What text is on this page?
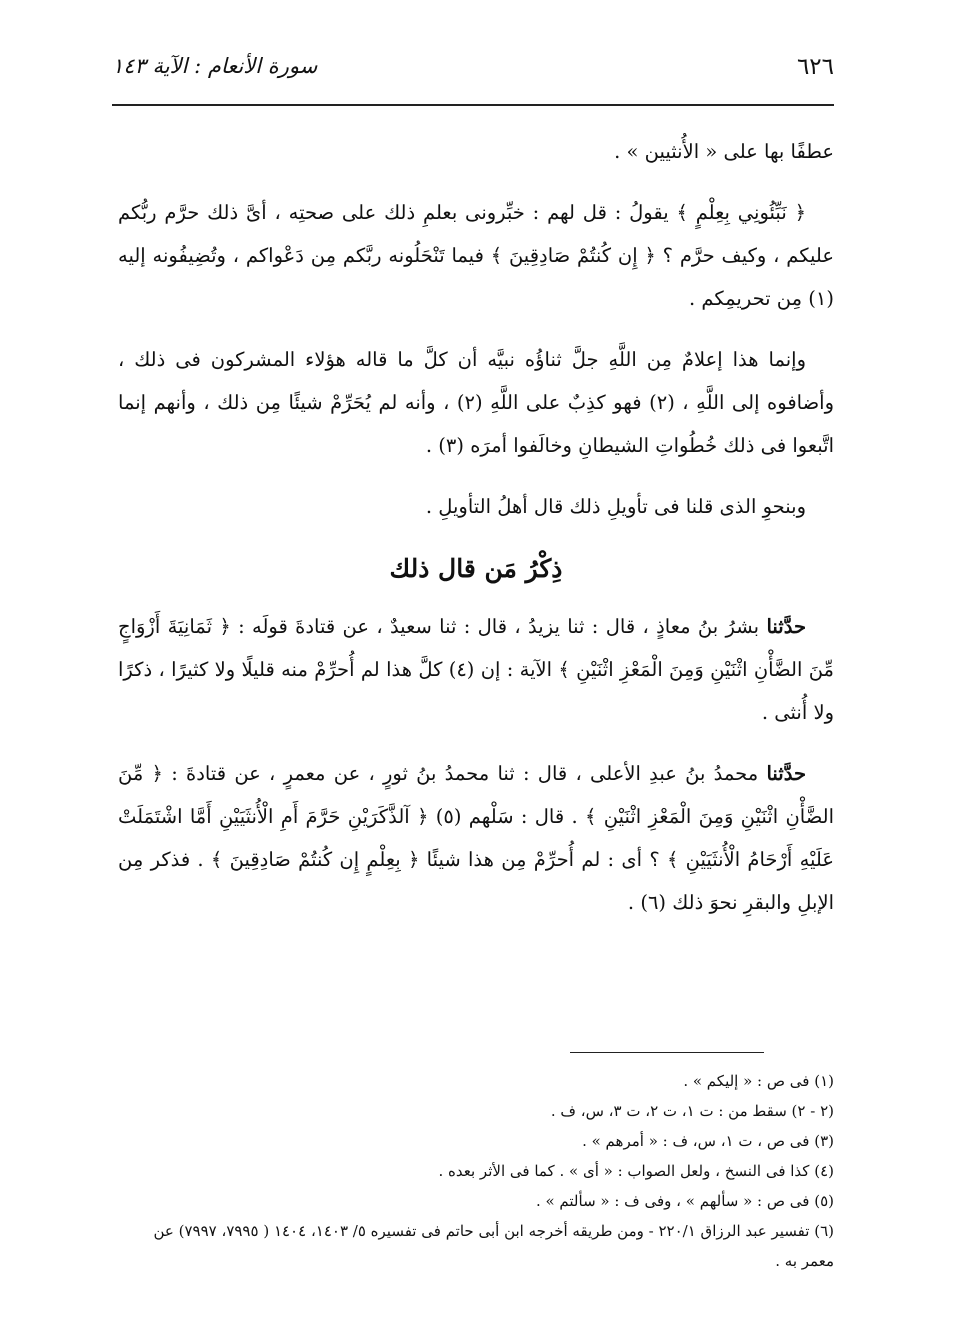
٦٢٦
سورة الأنعام : الآية ١٤٣

عطفًا بها على « الأُنثيين » .

﴿ نَبِّئُونِي بِعِلْمٍ ﴾ يقولُ : قل لهم : خبِّرونى بعلمِ ذلك على صحتِه ، أىَّ ذلك حرَّم ربُّكم عليكم ، وكيف حرَّم ؟ ﴿ إِن كُنتُمْ صَادِقِينَ ﴾ فيما تَنْحَلُونه ربَّكم مِن دَعْواكم ، وتُضِيفُونه إليه (١) مِن تحريمِكم .

وإنما هذا إعلامٌ مِن اللَّهِ جلَّ ثناؤُه نبيَّه أن كلَّ ما قاله هؤلاء المشركون فى ذلك ، وأضافوه إلى اللَّهِ ، (٢) فهو كذِبٌ على اللَّهِ (٢) ، وأنه لم يُحَرِّمْ شيئًا مِن ذلك ، وأنهم إنما اتَّبعوا فى ذلك خُطُواتِ الشيطانِ وخالَفوا أمرَه (٣) .

وبنحوِ الذى قلنا فى تأويلِ ذلك قال أهلُ التأويلِ .

ذِكْرُ مَن قال ذلك

حدَّثنا بشرُ بنُ معاذٍ ، قال : ثنا يزيدُ ، قال : ثنا سعيدٌ ، عن قتادةَ قولَه : ﴿ ثَمَانِيَةَ أَزْوَاجٍ مِّنَ الضَّأْنِ اثْنَيْنِ وَمِنَ الْمَعْزِ اثْنَيْنِ ﴾ الآية : إن (٤) كلَّ هذا لم أُحرِّمْ منه قليلًا ولا كثيرًا ، ذكرًا ولا أُنثى .

حدَّثنا محمدُ بنُ عبدِ الأعلى ، قال : ثنا محمدُ بنُ ثورٍ ، عن معمرٍ ، عن قتادةَ : ﴿ مِّنَ الضَّأْنِ اثْنَيْنِ وَمِنَ الْمَعْزِ اثْنَيْنِ ﴾ . قال : سَلْهم (٥) ﴿ آلذَّكَرَيْنِ حَرَّمَ أَمِ الْأُنثَيَيْنِ أَمَّا اشْتَمَلَتْ عَلَيْهِ أَرْحَامُ الْأُنثَيَيْنِ ﴾ ؟ أى : لم أُحرِّمْ مِن هذا شيئًا ﴿ بِعِلْمٍ إِن كُنتُمْ صَادِقِينَ ﴾ . فذكر مِن الإبلِ والبقرِ نحوَ ذلك (٦) .

(١) فى ص : « إليكم » .

(٢ - ٢) سقط من : ت ١، ت ٢، ت ٣، س، ف .

(٣) فى ص ، ت ١، س، ف : « أمرهم » .

(٤) كذا فى النسخ ، ولعل الصواب : « أى » . كما فى الأثر بعده .

(٥) فى ص : « سألهم » ، وفى ف : « سألتم » .

(٦) تفسير عبد الرزاق ٢٢٠/١ - ومن طريقه أخرجه ابن أبى حاتم فى تفسيره ٥/ ١٤٠٣، ١٤٠٤ ( ٧٩٩٥، ٧٩٩٧) عن معمر به .
